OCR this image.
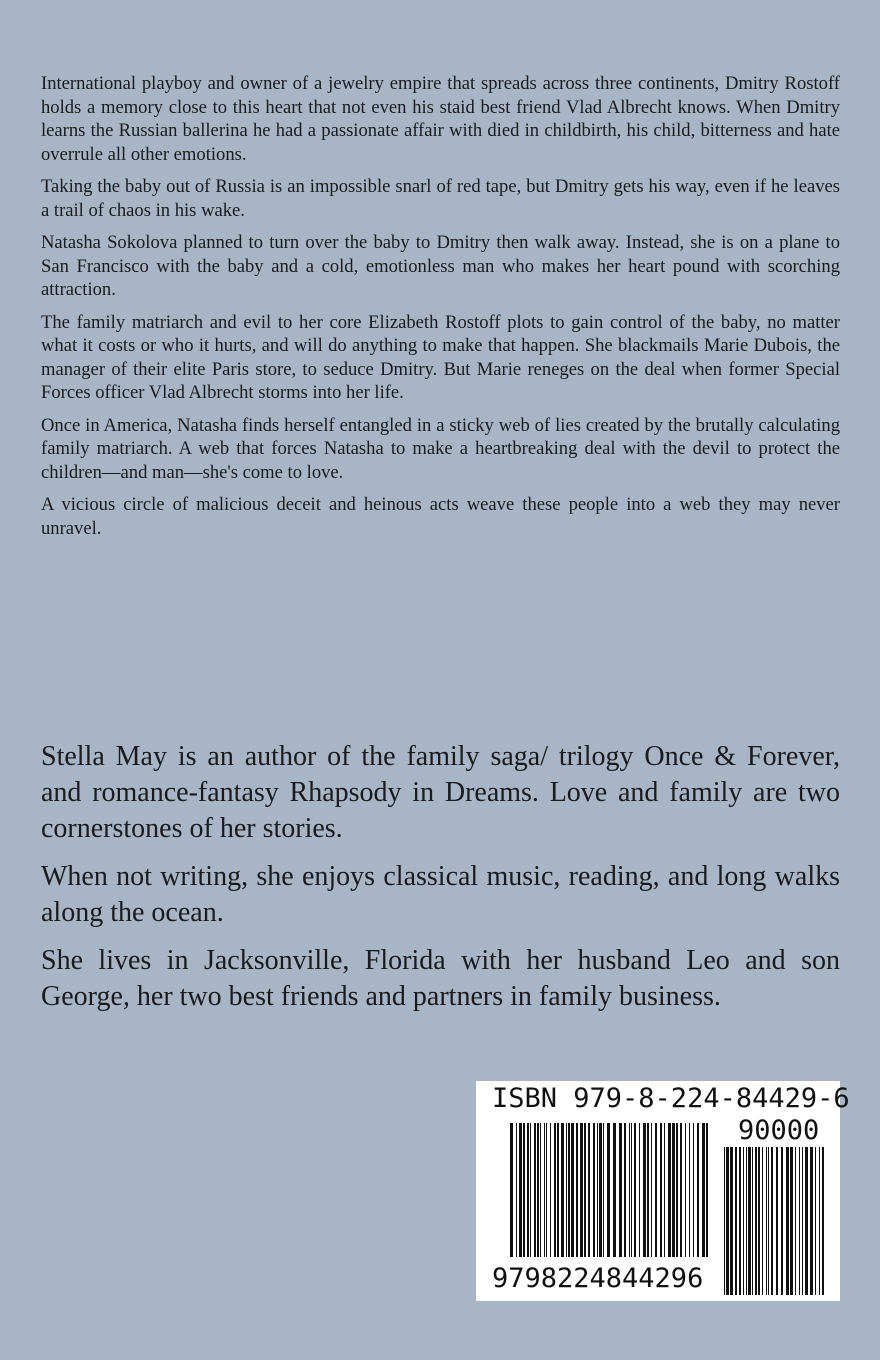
International playboy and owner of a jewelry empire that spreads across three continents, Dmitry Rostoff holds a memory close to this heart that not even his staid best friend Vlad Albrecht knows. When Dmitry learns the Russian ballerina he had a passionate affair with died in childbirth, his child, bitterness and hate overrule all other emotions.

Taking the baby out of Russia is an impossible snarl of red tape, but Dmitry gets his way, even if he leaves a trail of chaos in his wake.

Natasha Sokolova planned to turn over the baby to Dmitry then walk away. Instead, she is on a plane to San Francisco with the baby and a cold, emotionless man who makes her heart pound with scorching attraction.

The family matriarch and evil to her core Elizabeth Rostoff plots to gain control of the baby, no matter what it costs or who it hurts, and will do anything to make that happen. She blackmails Marie Dubois, the manager of their elite Paris store, to seduce Dmitry. But Marie reneges on the deal when former Special Forces officer Vlad Albrecht storms into her life.

Once in America, Natasha finds herself entangled in a sticky web of lies created by the brutally calculating family matriarch. A web that forces Natasha to make a heartbreaking deal with the devil to protect the children—and man—she's come to love.

A vicious circle of malicious deceit and heinous acts weave these people into a web they may never unravel.

Stella May is an author of the family saga/ trilogy Once & Forever, and romance-fantasy Rhapsody in Dreams. Love and family are two cornerstones of her stories.

When not writing, she enjoys classical music, reading, and long walks along the ocean.

She lives in Jacksonville, Florida with her husband Leo and son George, her two best friends and partners in family business.

ISBN 979-8-224-84429-6
90000
9798224844296
